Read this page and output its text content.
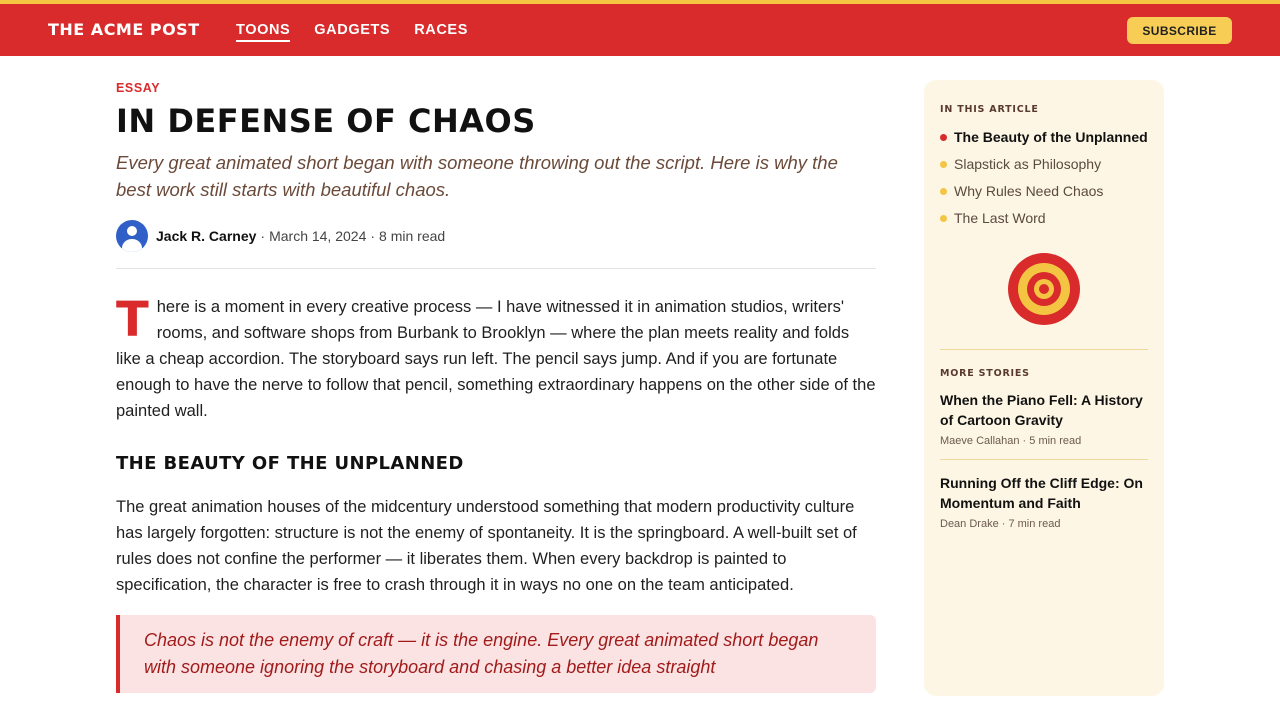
THE ACME POST	TOONS GADGETS RACES	SUBSCRIBE
ESSAY
IN DEFENSE OF CHAOS

Every great animated short began with someone throwing out the script. Here is why the best work still starts with beautiful chaos.

Jack R. Carney · March 14, 2024 · 8 min read

There is a moment in every creative process — I have witnessed it in animation studios, writers' rooms, and software shops from Burbank to Brooklyn — where the plan meets reality and folds like a cheap accordion. The storyboard says run left. The pencil says jump. And if you are fortunate enough to have the nerve to follow that pencil, something extraordinary happens on the other side of the painted wall.

THE BEAUTY OF THE UNPLANNED

The great animation houses of the midcentury understood something that modern productivity culture has largely forgotten: structure is not the enemy of spontaneity. It is the springboard. A well-built set of rules does not confine the performer — it liberates them. When every backdrop is painted to specification, the character is free to crash through it in ways no one on the team anticipated.

Chaos is not the enemy of craft — it is the engine. Every great animated short began with someone ignoring the storyboard and chasing a better idea straight
IN THIS ARTICLE
The Beauty of the Unplanned
Slapstick as Philosophy
Why Rules Need Chaos
The Last Word
MORE STORIES
When the Piano Fell: A History of Cartoon Gravity
Maeve Callahan · 5 min read
Running Off the Cliff Edge: On Momentum and Faith
Dean Drake · 7 min read
